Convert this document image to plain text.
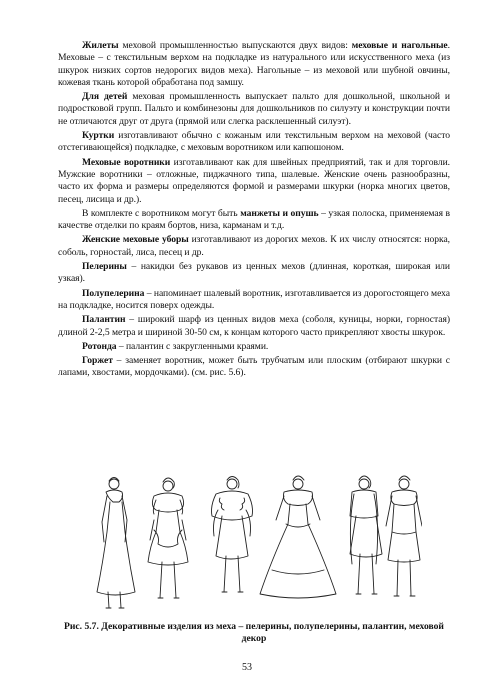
Жилеты меховой промышленностью выпускаются двух видов: меховые и нагольные. Меховые – с текстильным верхом на подкладке из натурального или искусственного меха (из шкурок низких сортов недорогих видов меха). Нагольные – из меховой или шубной овчины, кожевая ткань которой обработана под замшу.

Для детей меховая промышленность выпускает пальто для дошкольной, школьной и подростковой групп. Пальто и комбинезоны для дошкольников по силуэту и конструкции почти не отличаются друг от друга (прямой или слегка расклешенный силуэт).

Куртки изготавливают обычно с кожаным или текстильным верхом на меховой (часто отстегивающейся) подкладке, с меховым воротником или капюшоном.

Меховые воротники изготавливают как для швейных предприятий, так и для торговли. Мужские воротники – отложные, пиджачного типа, шалевые. Женские очень разнообразны, часто их форма и размеры определяются формой и размерами шкурки (норка многих цветов, песец, лисица и др.).

В комплекте с воротником могут быть манжеты и опушь – узкая полоска, применяемая в качестве отделки по краям бортов, низа, карманам и т.д.

Женские меховые уборы изготавливают из дорогих мехов. К их числу относятся: норка, соболь, горностай, лиса, песец и др.

Пелерины – накидки без рукавов из ценных мехов (длинная, короткая, широкая или узкая).

Полупелерина – напоминает шалевый воротник, изготавливается из дорогостоящего меха на подкладке, носится поверх одежды.

Палантин – широкий шарф из ценных видов меха (соболя, куницы, норки, горностая) длиной 2-2,5 метра и шириной 30-50 см, к концам которого часто прикрепляют хвосты шкурок.

Ротонда – палантин с закругленными краями.

Горжет – заменяет воротник, может быть трубчатым или плоским (отбирают шкурки с лапами, хвостами, мордочками). (см. рис. 5.6).

Рис. 5.7. Декоративные изделия из меха – пелерины, полупелерины, палантин, меховой декор
53
